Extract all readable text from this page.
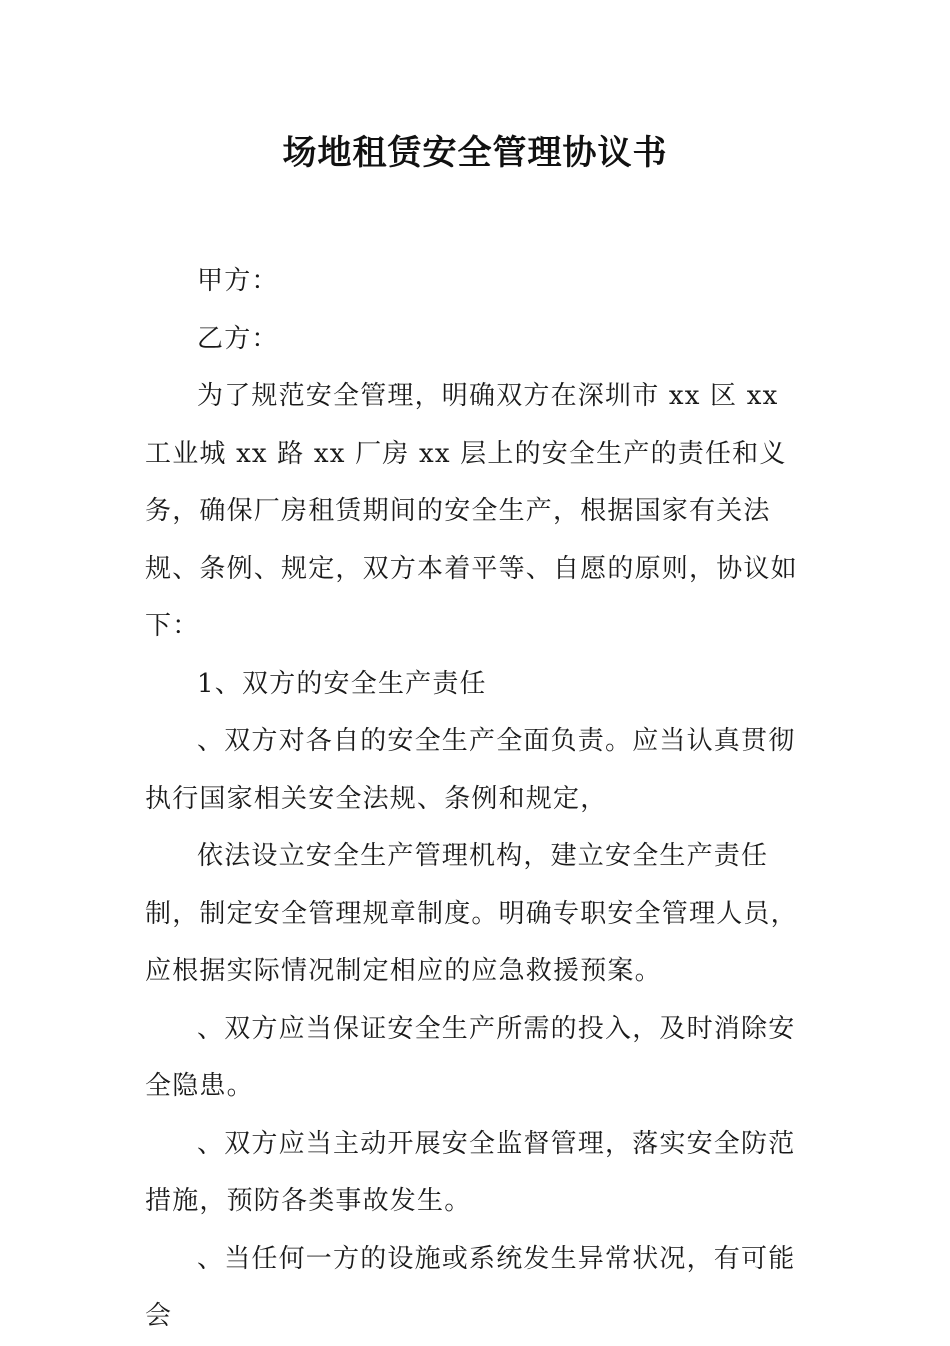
场地租赁安全管理协议书

甲方：

乙方：

为了规范安全管理，明确双方在深圳市 xx 区 xx 工业城 xx 路 xx 厂房 xx 层上的安全生产的责任和义务，确保厂房租赁期间的安全生产，根据国家有关法规、条例、规定，双方本着平等、自愿的原则，协议如下：

1、双方的安全生产责任

、双方对各自的安全生产全面负责。应当认真贯彻执行国家相关安全法规、条例和规定，

依法设立安全生产管理机构，建立安全生产责任制，制定安全管理规章制度。明确专职安全管理人员，应根据实际情况制定相应的应急救援预案。

、双方应当保证安全生产所需的投入，及时消除安全隐患。

、双方应当主动开展安全监督管理，落实安全防范措施，预防各类事故发生。

、当任何一方的设施或系统发生异常状况，有可能会
